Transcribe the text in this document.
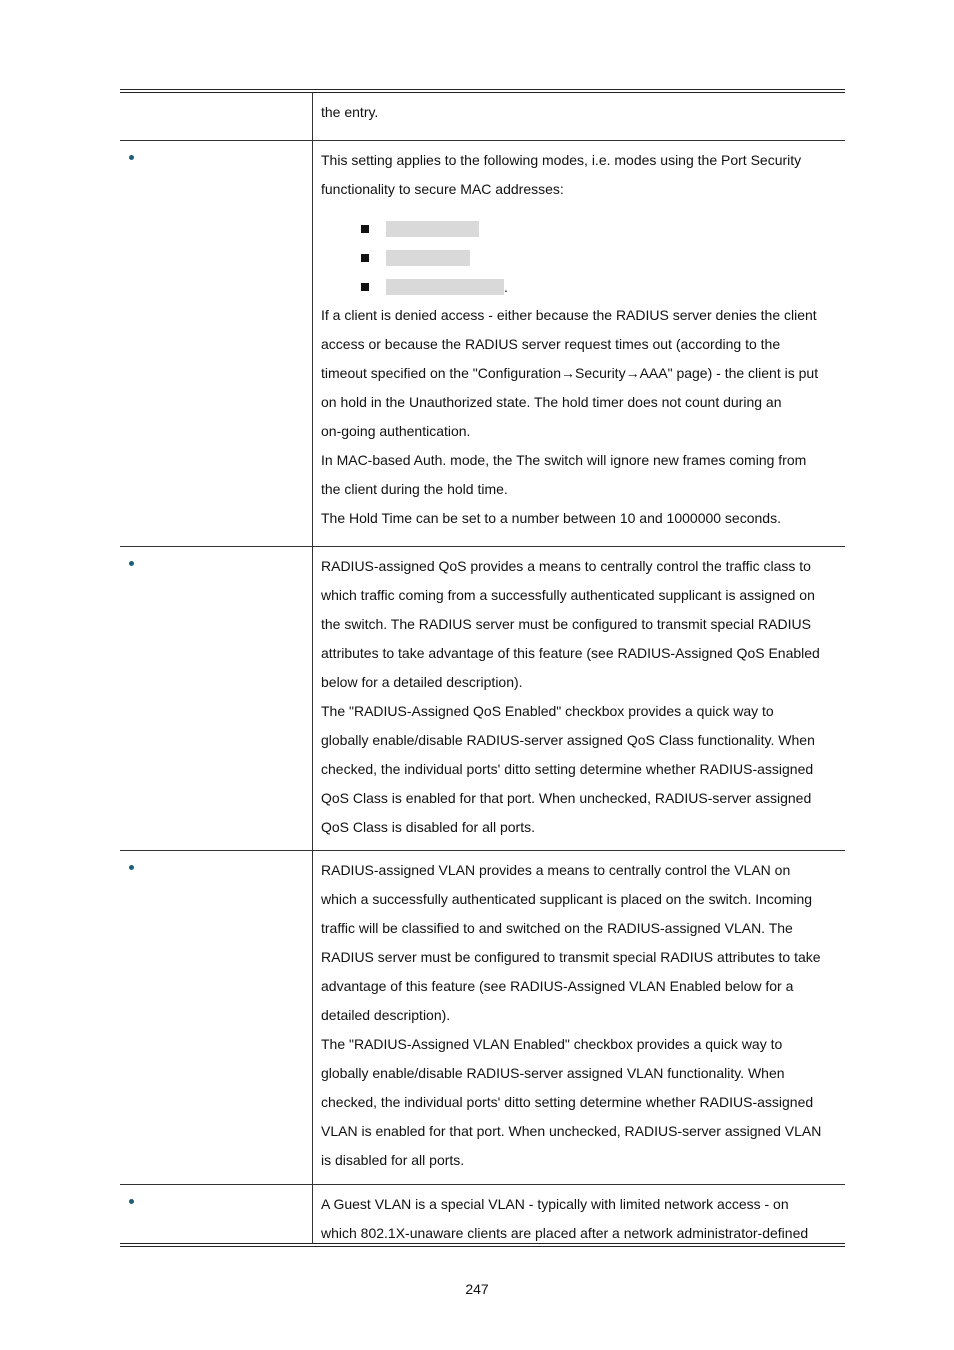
the entry.

This setting applies to the following modes, i.e. modes using the Port Security

functionality to secure MAC addresses:

.

If a client is denied access - either because the RADIUS server denies the client

access or because the RADIUS server request times out (according to the

timeout specified on the "Configuration→Security→AAA" page) - the client is put

on hold in the Unauthorized state. The hold timer does not count during an

on-going authentication.

In MAC-based Auth. mode, the The switch will ignore new frames coming from

the client during the hold time.

The Hold Time can be set to a number between 10 and 1000000 seconds.

RADIUS-assigned QoS provides a means to centrally control the traffic class to

which traffic coming from a successfully authenticated supplicant is assigned on

the switch. The RADIUS server must be configured to transmit special RADIUS

attributes to take advantage of this feature (see RADIUS-Assigned QoS Enabled

below for a detailed description).

The "RADIUS-Assigned QoS Enabled" checkbox provides a quick way to

globally enable/disable RADIUS-server assigned QoS Class functionality. When

checked, the individual ports' ditto setting determine whether RADIUS-assigned

QoS Class is enabled for that port. When unchecked, RADIUS-server assigned

QoS Class is disabled for all ports.

RADIUS-assigned VLAN provides a means to centrally control the VLAN on

which a successfully authenticated supplicant is placed on the switch. Incoming

traffic will be classified to and switched on the RADIUS-assigned VLAN. The

RADIUS server must be configured to transmit special RADIUS attributes to take

advantage of this feature (see RADIUS-Assigned VLAN Enabled below for a

detailed description).

The "RADIUS-Assigned VLAN Enabled" checkbox provides a quick way to

globally enable/disable RADIUS-server assigned VLAN functionality. When

checked, the individual ports' ditto setting determine whether RADIUS-assigned

VLAN is enabled for that port. When unchecked, RADIUS-server assigned VLAN

is disabled for all ports.

A Guest VLAN is a special VLAN - typically with limited network access - on

which 802.1X-unaware clients are placed after a network administrator-defined

247
